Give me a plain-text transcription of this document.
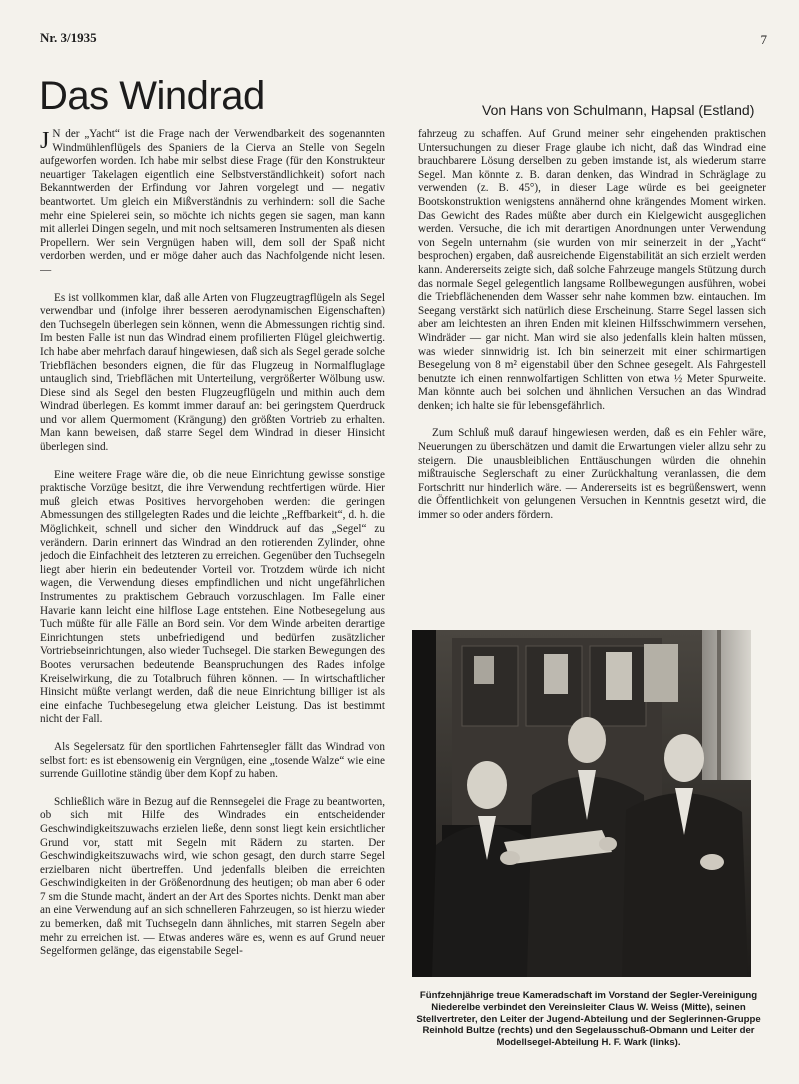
Nr. 3/1935	7
Das Windrad	Von Hans von Schulmann, Hapsal (Estland)

J N der „Yacht“ ist die Frage nach der Verwendbarkeit des sogenannten Windmühlenflügels des Spaniers de la Cierva an Stelle von Segeln aufgeworfen worden. Ich habe mir selbst diese Frage (für den Konstrukteur neuartiger Takelagen eigentlich eine Selbstverständlichkeit) sofort nach Bekanntwerden der Erfindung vor Jahren vorgelegt und — negativ beantwortet. Um gleich ein Mißverständnis zu verhindern: soll die Sache mehr eine Spielerei sein, so möchte ich nichts gegen sie sagen, man kann mit allerlei Dingen segeln, und mit noch seltsameren Instrumenten als diesen Propellern. Wer sein Vergnügen haben will, dem soll der Spaß nicht verdorben werden, und er möge daher auch das Nachfolgende nicht lesen. —

Es ist vollkommen klar, daß alle Arten von Flugzeugtragflügeln als Segel verwendbar und (infolge ihrer besseren aerodynamischen Eigenschaften) den Tuchsegeln überlegen sein können, wenn die Abmessungen richtig sind. Im besten Falle ist nun das Windrad einem profilierten Flügel gleichwertig. Ich habe aber mehrfach darauf hingewiesen, daß sich als Segel gerade solche Triebflächen besonders eignen, die für das Flugzeug in Normalfluglage untauglich sind, Triebflächen mit Unterteilung, vergrößerter Wölbung usw. Diese sind als Segel den besten Flugzeugflügeln und mithin auch dem Windrad überlegen. Es kommt immer darauf an: bei geringstem Querdruck und vor allem Quermoment (Krängung) den größten Vortrieb zu erhalten. Man kann beweisen, daß starre Segel dem Windrad in dieser Hinsicht überlegen sind.

Eine weitere Frage wäre die, ob die neue Einrichtung gewisse sonstige praktische Vorzüge besitzt, die ihre Verwendung rechtfertigen würde. Hier muß gleich etwas Positives hervorgehoben werden: die geringen Abmessungen des stillgelegten Rades und die leichte „Reffbarkeit“, d. h. die Möglichkeit, schnell und sicher den Winddruck auf das „Segel“ zu verändern. Darin erinnert das Windrad an den rotierenden Zylinder, ohne jedoch die Einfachheit des letzteren zu erreichen. Gegenüber den Tuchsegeln liegt aber hierin ein bedeutender Vorteil vor. Trotzdem würde ich nicht wagen, die Verwendung dieses empfindlichen und nicht ungefährlichen Instrumentes zu praktischem Gebrauch vorzuschlagen. Im Falle einer Havarie kann leicht eine hilflose Lage entstehen. Eine Notbesegelung aus Tuch müßte für alle Fälle an Bord sein. Vor dem Winde arbeiten derartige Einrichtungen stets unbefriedigend und bedürfen zusätzlicher Vortriebseinrichtungen, also wieder Tuchsegel. Die starken Bewegungen des Bootes verursachen bedeutende Beanspruchungen des Rades infolge Kreiselwirkung, die zu Totalbruch führen können. — In wirtschaftlicher Hinsicht müßte verlangt werden, daß die neue Einrichtung billiger ist als eine einfache Tuchbesegelung etwa gleicher Leistung. Das ist bestimmt nicht der Fall.

Als Segelersatz für den sportlichen Fahrtensegler fällt das Windrad von selbst fort: es ist ebensowenig ein Vergnügen, eine „tosende Walze“ wie eine surrende Guillotine ständig über dem Kopf zu haben.

Schließlich wäre in Bezug auf die Rennsegelei die Frage zu beantworten, ob sich mit Hilfe des Windrades ein entscheidender Geschwindigkeitszuwachs erzielen ließe, denn sonst liegt kein ersichtlicher Grund vor, statt mit Segeln mit Rädern zu starten. Der Geschwindigkeitszuwachs wird, wie schon gesagt, den durch starre Segel erzielbaren nicht übertreffen. Und jedenfalls bleiben die erreichten Geschwindigkeiten in der Größenordnung des heutigen; ob man aber 6 oder 7 sm die Stunde macht, ändert an der Art des Sportes nichts. Denkt man aber an eine Verwendung auf an sich schnelleren Fahrzeugen, so ist hierzu wieder zu bemerken, daß mit Tuchsegeln dann ähnliches, mit starren Segeln aber mehr zu erreichen ist. — Etwas anderes wäre es, wenn es auf Grund neuer Segelformen gelänge, das eigenstabile Segel-

fahrzeug zu schaffen. Auf Grund meiner sehr eingehenden praktischen Untersuchungen zu dieser Frage glaube ich nicht, daß das Windrad eine brauchbarere Lösung derselben zu geben imstande ist, als wiederum starre Segel. Man könnte z. B. daran denken, das Windrad in Schräglage zu verwenden (z. B. 45°), in dieser Lage würde es bei geeigneter Bootskonstruktion wenigstens annähernd ohne krängendes Moment wirken. Das Gewicht des Rades müßte aber durch ein Kielgewicht ausgeglichen werden. Versuche, die ich mit derartigen Anordnungen unter Verwendung von Segeln unternahm (sie wurden von mir seinerzeit in der „Yacht“ besprochen) ergaben, daß ausreichende Eigenstabilität an sich erzielt werden kann. Andererseits zeigte sich, daß solche Fahrzeuge mangels Stützung durch das normale Segel gelegentlich langsame Rollbewegungen ausführen, wobei die Triebflächenenden dem Wasser sehr nahe kommen bzw. eintauchen. Im Seegang verstärkt sich natürlich diese Erscheinung. Starre Segel lassen sich aber am leichtesten an ihren Enden mit kleinen Hilfsschwimmern versehen, Windräder — gar nicht. Man wird sie also jedenfalls klein halten müssen, was wieder sinnwidrig ist. Ich bin seinerzeit mit einer schirmartigen Besegelung von 8 m² eigenstabil über den Schnee gesegelt. Als Fahrgestell benutzte ich einen rennwolfartigen Schlitten von etwa ½ Meter Spurweite. Man könnte auch bei solchen und ähnlichen Versuchen an das Windrad denken; ich halte sie für lebensgefährlich.

Zum Schluß muß darauf hingewiesen werden, daß es ein Fehler wäre, Neuerungen zu überschätzen und damit die Erwartungen vieler allzu sehr zu steigern. Die unausbleiblichen Enttäuschungen würden die ohnehin mißtrauische Seglerschaft zu einer Zurückhaltung veranlassen, die dem Fortschritt nur hinderlich wäre. — Andererseits ist es begrüßenswert, wenn die Öffentlichkeit von gelungenen Versuchen in Kenntnis gesetzt wird, die immer so oder anders fördern.

Fünfzehnjährige treue Kameradschaft im Vorstand der Segler-Vereinigung Niederelbe verbindet den Vereinsleiter Claus W. Weiss (Mitte), seinen Stellvertreter, den Leiter der Jugend-Abteilung und der Seglerinnen-Gruppe Reinhold Bultze (rechts) und den Segelausschuß-Obmann und Leiter der Modellsegel-Abteilung H. F. Wark (links).
